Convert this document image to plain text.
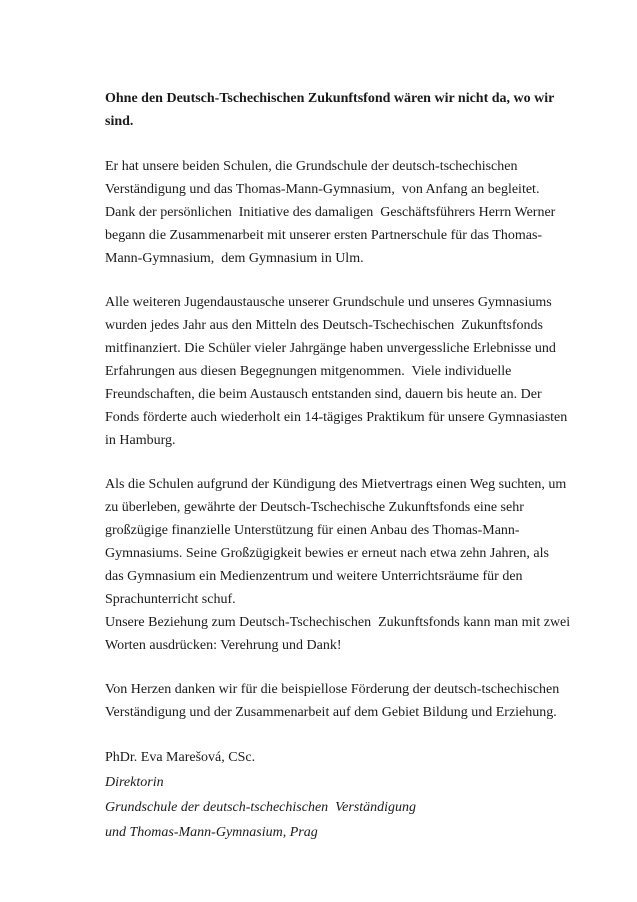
Ohne den Deutsch-Tschechischen Zukunftsfond wären wir nicht da, wo wir
sind.
Er hat unsere beiden Schulen, die Grundschule der deutsch-tschechischen
Verständigung und das Thomas-Mann-Gymnasium,  von Anfang an begleitet.
Dank der persönlichen  Initiative des damaligen  Geschäftsführers Herrn Werner
begann die Zusammenarbeit mit unserer ersten Partnerschule für das Thomas-
Mann-Gymnasium,  dem Gymnasium in Ulm.
Alle weiteren Jugendaustausche unserer Grundschule und unseres Gymnasiums
wurden jedes Jahr aus den Mitteln des Deutsch-Tschechischen  Zukunftsfonds
mitfinanziert. Die Schüler vieler Jahrgänge haben unvergessliche Erlebnisse und
Erfahrungen aus diesen Begegnungen mitgenommen.  Viele individuelle
Freundschaften, die beim Austausch entstanden sind, dauern bis heute an. Der
Fonds förderte auch wiederholt ein 14-tägiges Praktikum für unsere Gymnasiasten
in Hamburg.
Als die Schulen aufgrund der Kündigung des Mietvertrags einen Weg suchten, um
zu überleben, gewährte der Deutsch-Tschechische Zukunftsfonds eine sehr
großzügige finanzielle Unterstützung für einen Anbau des Thomas-Mann-
Gymnasiums. Seine Großzügigkeit bewies er erneut nach etwa zehn Jahren, als
das Gymnasium ein Medienzentrum und weitere Unterrichtsräume für den
Sprachunterricht schuf.
Unsere Beziehung zum Deutsch-Tschechischen  Zukunftsfonds kann man mit zwei
Worten ausdrücken: Verehrung und Dank!
Von Herzen danken wir für die beispiellose Förderung der deutsch-tschechischen
Verständigung und der Zusammenarbeit auf dem Gebiet Bildung und Erziehung.
PhDr. Eva Marešová, CSc.
Direktorin
Grundschule der deutsch-tschechischen  Verständigung
und Thomas-Mann-Gymnasium, Prag
